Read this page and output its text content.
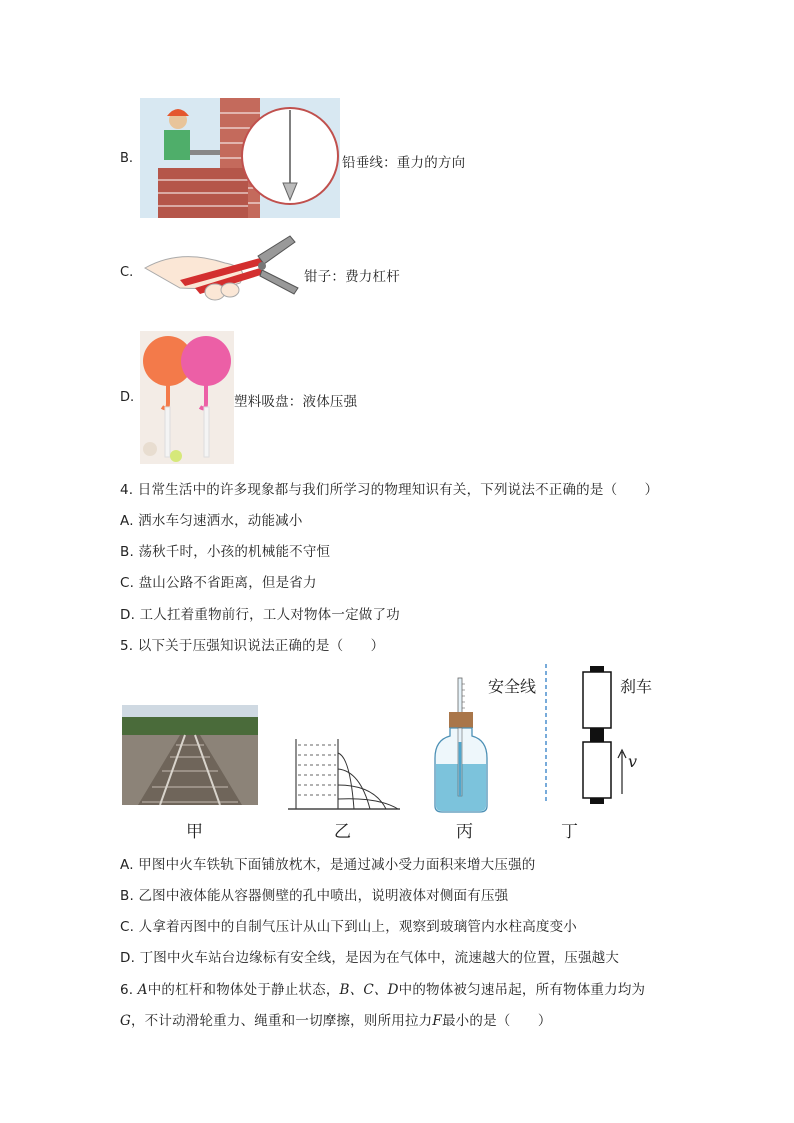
B.	铅垂线：重力的方向
C.	钳子：费力杠杆
D.	塑料吸盘：液体压强
4. 日常生活中的许多现象都与我们所学习的物理知识有关，下列说法不正确的是（　　）
A. 洒水车匀速洒水，动能减小
B. 荡秋千时，小孩的机械能不守恒
C. 盘山公路不省距离，但是省力
D. 工人扛着重物前行，工人对物体一定做了功
5. 以下关于压强知识说法正确的是（　　）
安全线	刹车
v
甲	乙	丙	丁
A. 甲图中火车铁轨下面铺放枕木，是通过减小受力面积来增大压强的
B. 乙图中液体能从容器侧壁的孔中喷出，说明液体对侧面有压强
C. 人拿着丙图中的自制气压计从山下到山上，观察到玻璃管内水柱高度变小
D. 丁图中火车站台边缘标有安全线，是因为在气体中，流速越大的位置，压强越大
6. A中的杠杆和物体处于静止状态，B、C、D中的物体被匀速吊起，所有物体重力均为
G，不计动滑轮重力、绳重和一切摩擦，则所用拉力F最小的是（　　）
